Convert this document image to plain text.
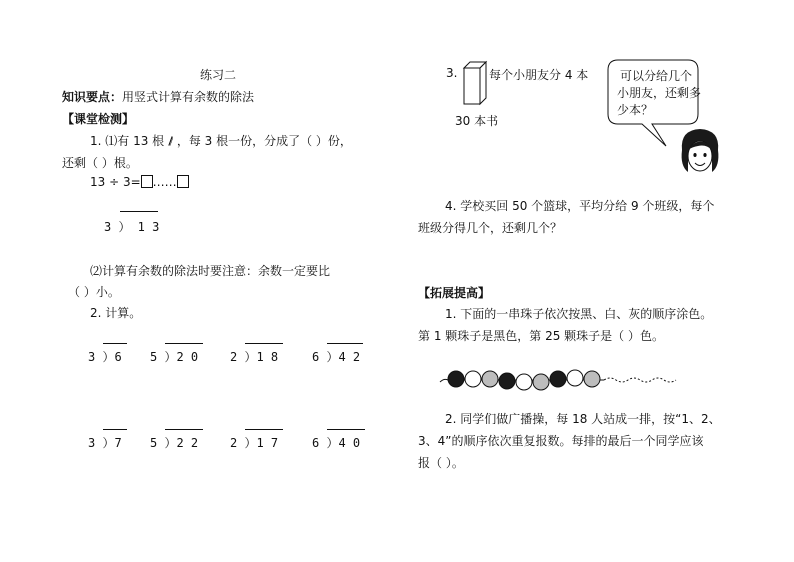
练习二
知识要点：用竖式计算有余数的除法
【课堂检测】
1. ⑴有 13 根 ，每 3 根一份，分成了（ ）份，
还剩（ ）根。
13 ÷ 3= ……
3 ） 1 3
⑵计算有余数的除法时要注意：余数一定要比
（ ）小。
2. 计算。
3 ）6 5 ）2 0	2 ）1 8	6 ）4 2
3 ）7 5 ）2 2	2 ）1 7	6 ）4 0
3.	每个小朋友分 4 本
30 本书
可以分给几个
小朋友，还剩多
少本？
4. 学校买回 50 个篮球，平均分给 9 个班级，每个
班级分得几个，还剩几个？
【拓展提高】
1. 下面的一串珠子依次按黑、白、灰的顺序涂色。
第 1 颗珠子是黑色，第 25 颗珠子是（ ）色。
2. 同学们做广播操，每 18 人站成一排，按“1、2、
3、4”的顺序依次重复报数。每排的最后一个同学应该
报（ ）。
